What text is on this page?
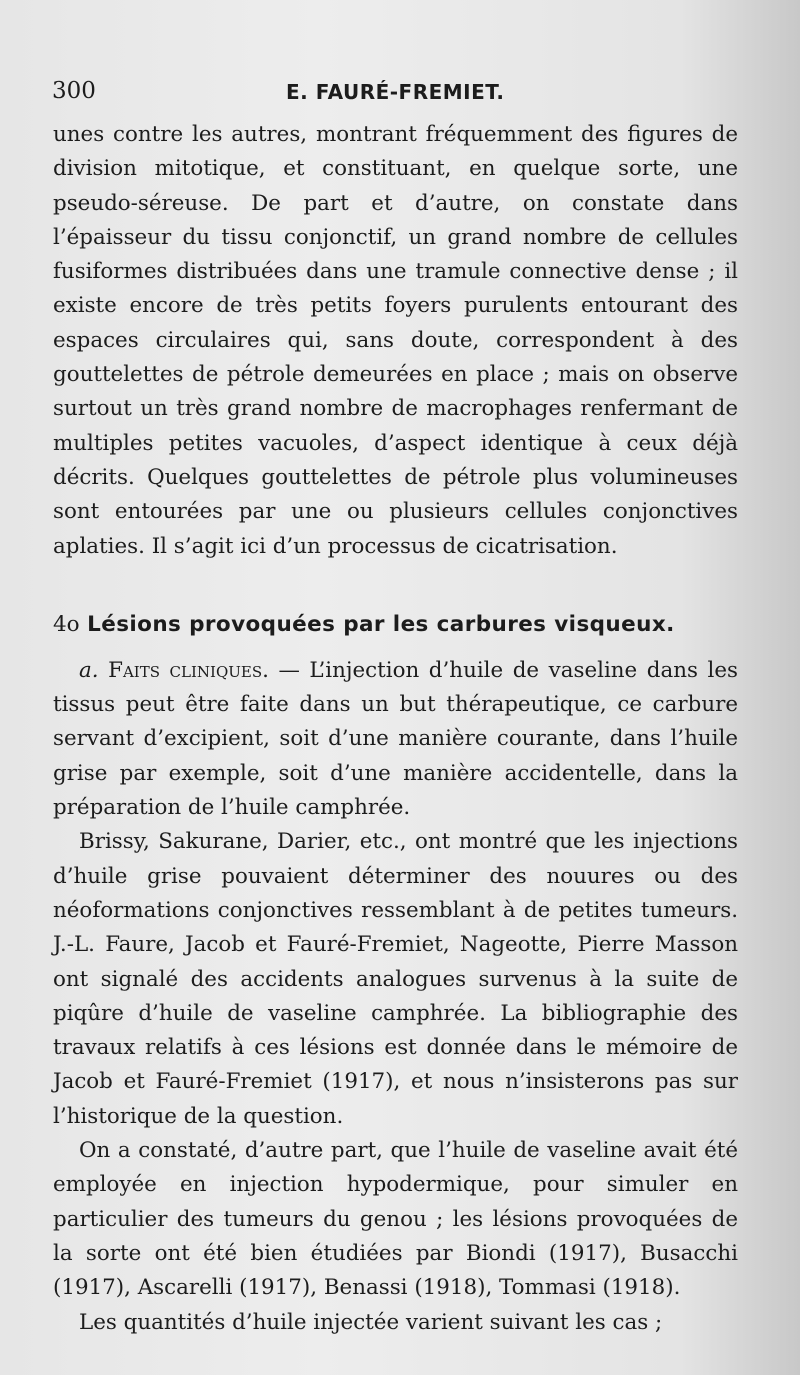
300	E. FAURÉ-FREMIET.

unes contre les autres, montrant fréquemment des figures de division mitotique, et constituant, en quelque sorte, une pseudo-séreuse. De part et d’autre, on constate dans l’épaisseur du tissu conjonctif, un grand nombre de cellules fusiformes distribuées dans une tramule connective dense ; il existe encore de très petits foyers purulents entourant des espaces circulaires qui, sans doute, correspondent à des gouttelettes de pétrole demeurées en place ; mais on observe surtout un très grand nombre de macrophages renfermant de multiples petites vacuoles, d’aspect identique à ceux déjà décrits. Quelques gouttelettes de pétrole plus volumineuses sont entourées par une ou plusieurs cellules conjonctives aplaties. Il s’agit ici d’un processus de cicatrisation.

4o Lésions provoquées par les carbures visqueux.

a. Faits cliniques. — L’injection d’huile de vaseline dans les tissus peut être faite dans un but thérapeutique, ce carbure servant d’excipient, soit d’une manière courante, dans l’huile grise par exemple, soit d’une manière accidentelle, dans la préparation de l’huile camphrée.

Brissy, Sakurane, Darier, etc., ont montré que les injections d’huile grise pouvaient déterminer des nouures ou des néoformations conjonctives ressemblant à de petites tumeurs. J.-L. Faure, Jacob et Fauré-Fremiet, Nageotte, Pierre Masson ont signalé des accidents analogues survenus à la suite de piqûre d’huile de vaseline camphrée. La bibliographie des travaux relatifs à ces lésions est donnée dans le mémoire de Jacob et Fauré-Fremiet (1917), et nous n’insisterons pas sur l’historique de la question.

On a constaté, d’autre part, que l’huile de vaseline avait été employée en injection hypodermique, pour simuler en particulier des tumeurs du genou ; les lésions provoquées de la sorte ont été bien étudiées par Biondi (1917), Busacchi (1917), Ascarelli (1917), Benassi (1918), Tommasi (1918).

Les quantités d’huile injectée varient suivant les cas ;
